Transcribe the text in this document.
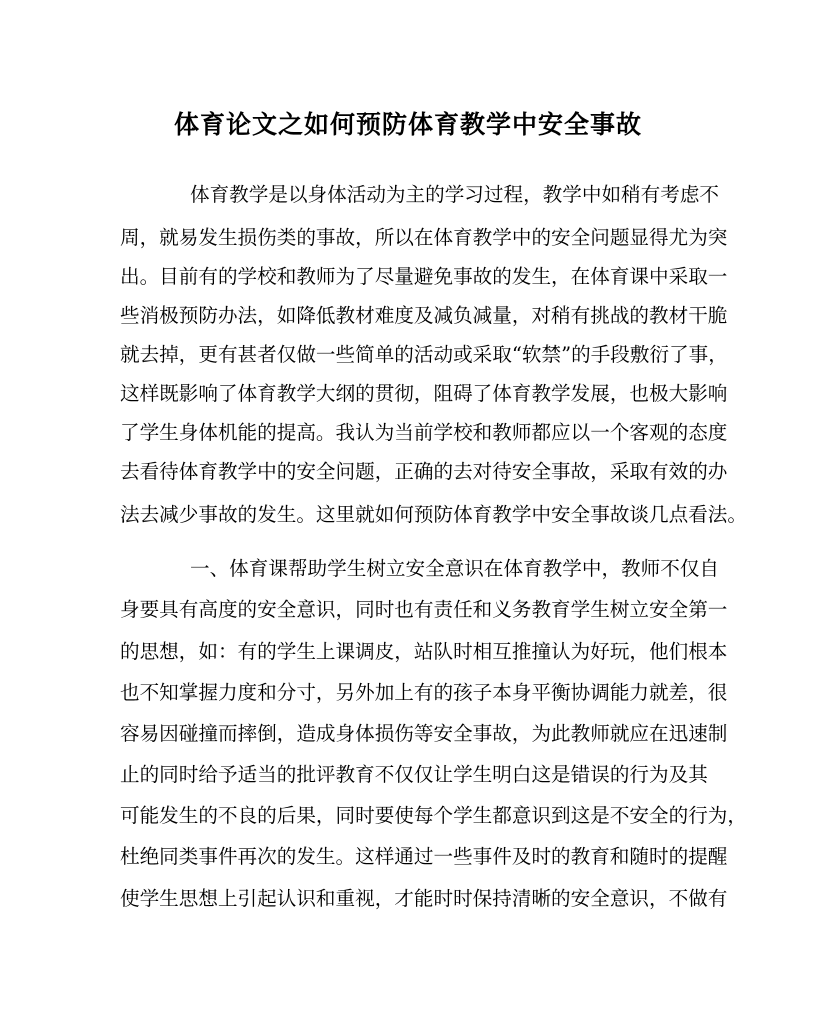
体育论文之如何预防体育教学中安全事故
体育教学是以身体活动为主的学习过程，教学中如稍有考虑不
周，就易发生损伤类的事故，所以在体育教学中的安全问题显得尤为突
出。目前有的学校和教师为了尽量避免事故的发生，在体育课中采取一
些消极预防办法，如降低教材难度及减负减量，对稍有挑战的教材干脆
就去掉，更有甚者仅做一些简单的活动或采取“软禁”的手段敷衍了事，
这样既影响了体育教学大纲的贯彻，阻碍了体育教学发展，也极大影响
了学生身体机能的提高。我认为当前学校和教师都应以一个客观的态度
去看待体育教学中的安全问题，正确的去对待安全事故，采取有效的办
法去减少事故的发生。这里就如何预防体育教学中安全事故谈几点看法。
一、体育课帮助学生树立安全意识在体育教学中，教师不仅自
身要具有高度的安全意识，同时也有责任和义务教育学生树立安全第一
的思想，如：有的学生上课调皮，站队时相互推撞认为好玩，他们根本
也不知掌握力度和分寸，另外加上有的孩子本身平衡协调能力就差，很
容易因碰撞而摔倒，造成身体损伤等安全事故，为此教师就应在迅速制
止的同时给予适当的批评教育不仅仅让学生明白这是错误的行为及其
可能发生的不良的后果，同时要使每个学生都意识到这是不安全的行为，
杜绝同类事件再次的发生。这样通过一些事件及时的教育和随时的提醒
使学生思想上引起认识和重视，才能时时保持清晰的安全意识，不做有
